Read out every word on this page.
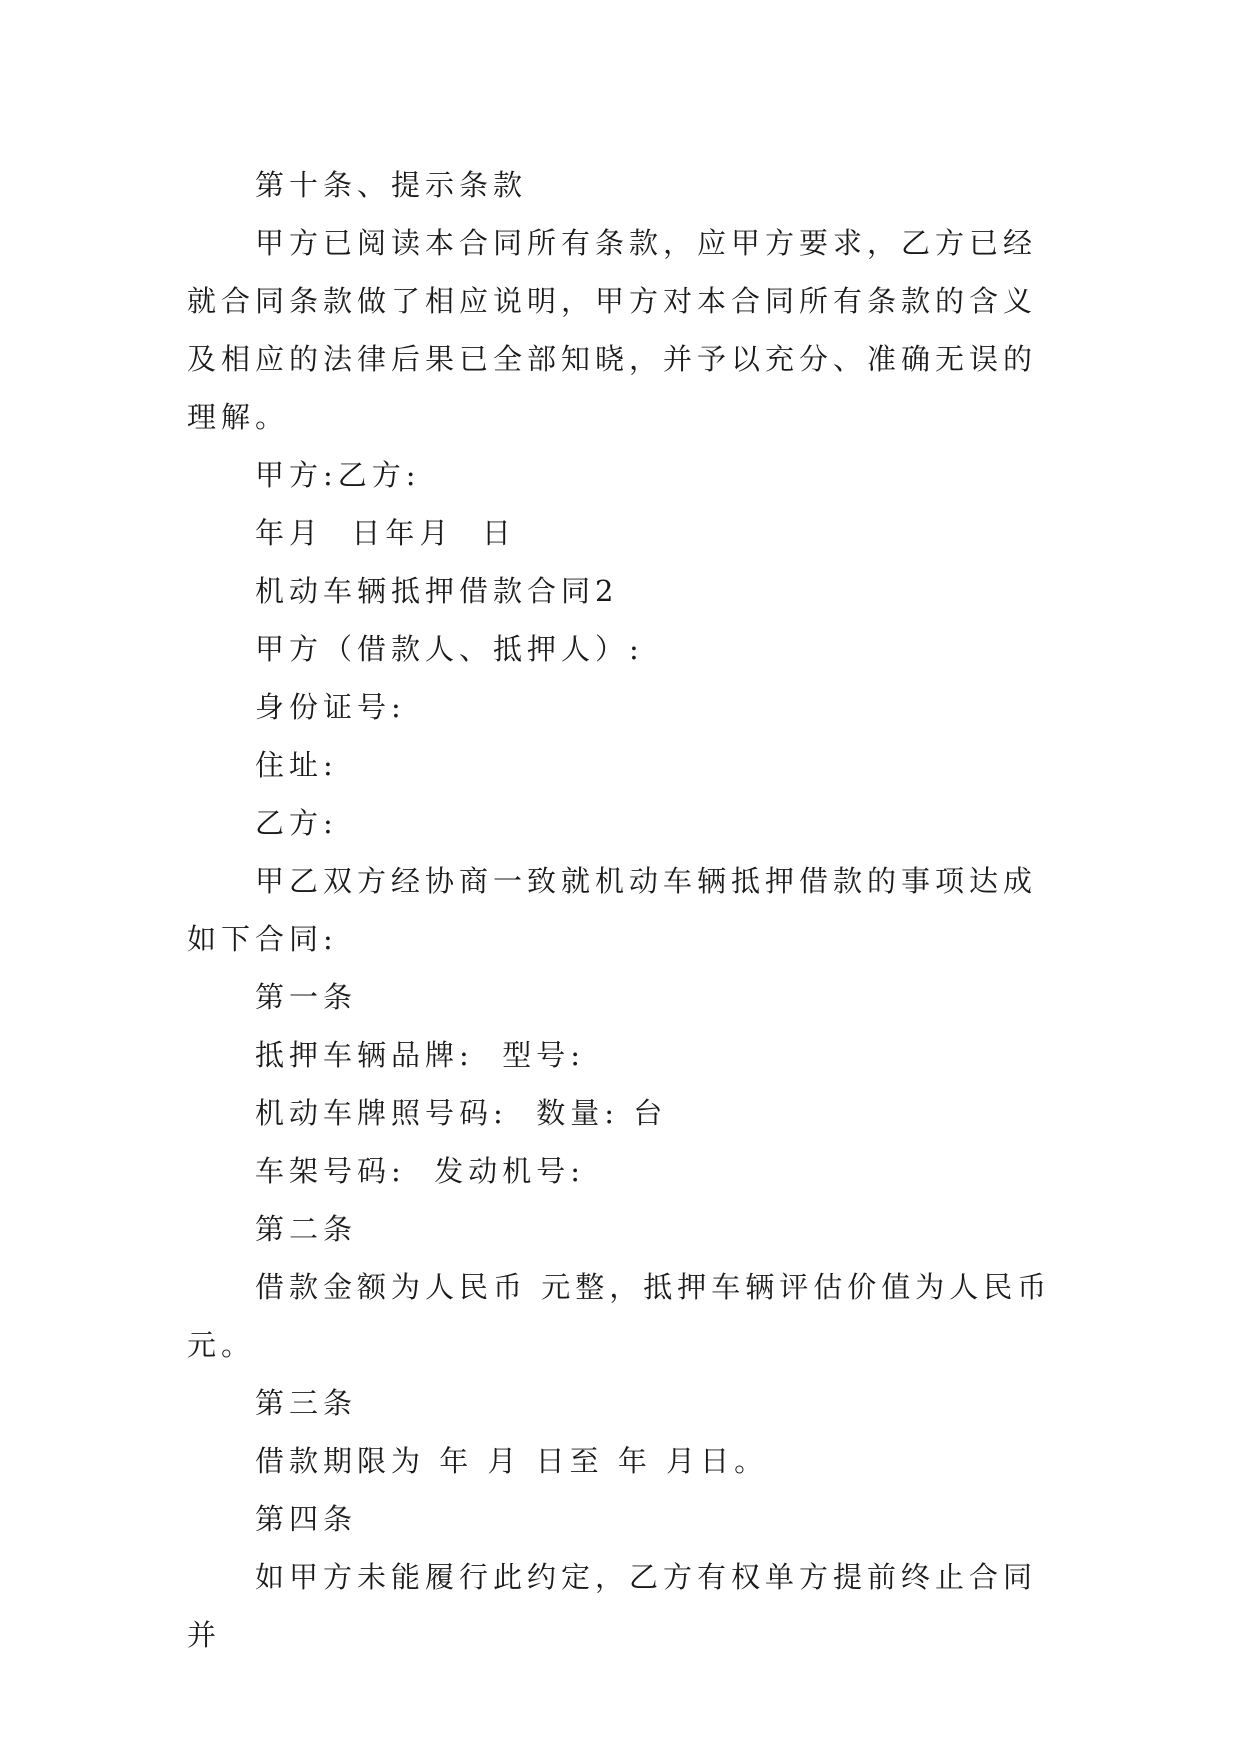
第十条、提示条款

甲方已阅读本合同所有条款，应甲方要求，乙方已经就合同条款做了相应说明，甲方对本合同所有条款的含义及相应的法律后果已全部知晓，并予以充分、准确无误的理解。

甲方:乙方:

年月  日年月  日

机动车辆抵押借款合同2

甲方（借款人、抵押人）:

身份证号:

住址:

乙方:

甲乙双方经协商一致就机动车辆抵押借款的事项达成如下合同:

第一条

抵押车辆品牌:  型号:

机动车牌照号码:  数量: 台

车架号码:  发动机号:

第二条

借款金额为人民币 元整，抵押车辆评估价值为人民币元。

第三条

借款期限为 年 月 日至 年 月日。

第四条

如甲方未能履行此约定，乙方有权单方提前终止合同并
